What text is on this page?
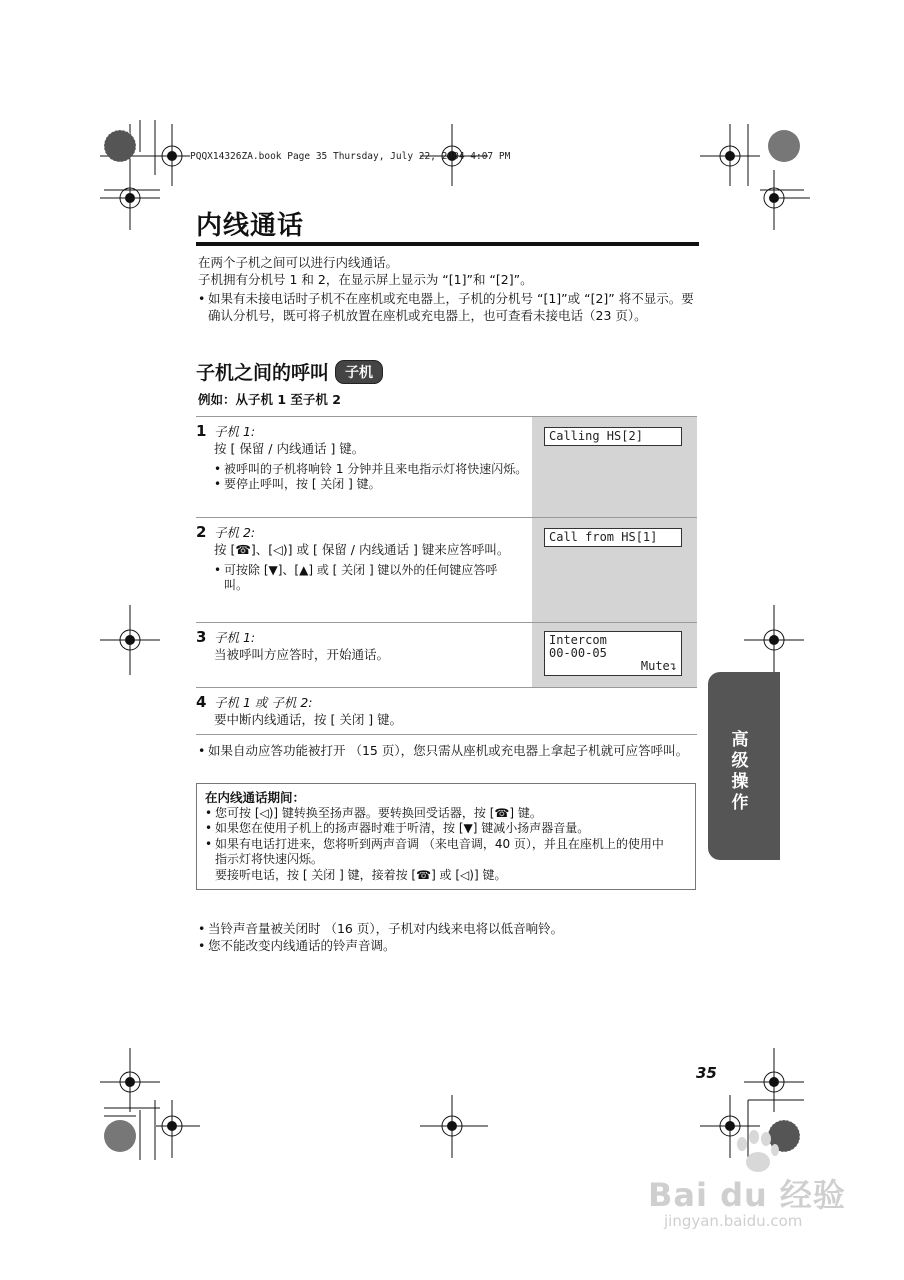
PQQX14326ZA.book Page 35 Thursday, July 22, 2004 4:07 PM
内线通话
在两个子机之间可以进行内线通话。
子机拥有分机号 1 和 2，在显示屏上显示为 “[1]”和 “[2]”。
• 如果有未接电话时子机不在座机或充电器上，子机的分机号 “[1]”或 “[2]” 将不显示。要确认分机号，既可将子机放置在座机或充电器上，也可查看未接电话（23 页）。
子机之间的呼叫 子机
例如：从子机 1 至子机 2
1 子机 1:
按 [ 保留 / 内线通话 ] 键。
• 被呼叫的子机将响铃 1 分钟并且来电指示灯将快速闪烁。
• 要停止呼叫，按 [ 关闭 ] 键。
Calling HS[2]
2 子机 2:
按 [☎]、[◁)] 或 [ 保留 / 内线通话 ] 键来应答呼叫。
• 可按除 [▼]、[▲] 或 [ 关闭 ] 键以外的任何键应答呼叫。
Call from HS[1]
3 子机 1:
当被呼叫方应答时，开始通话。
Intercom
00-00-05
Mute↴
4 子机 1 或 子机 2:
要中断内线通话，按 [ 关闭 ] 键。
• 如果自动应答功能被打开 （15 页），您只需从座机或充电器上拿起子机就可应答呼叫。
在内线通话期间：
• 您可按 [◁)] 键转换至扬声器。要转换回受话器，按 [☎] 键。
• 如果您在使用子机上的扬声器时难于听清，按 [▼] 键减小扬声器音量。
• 如果有电话打进来，您将听到两声音调 （来电音调，40 页），并且在座机上的使用中指示灯将快速闪烁。
要接听电话，按 [ 关闭 ] 键，接着按 [☎] 或 [◁)] 键。
• 当铃声音量被关闭时 （16 页），子机对内线来电将以低音响铃。
• 您不能改变内线通话的铃声音调。
高级操作
35
Bai du 经验
jingyan.baidu.com
